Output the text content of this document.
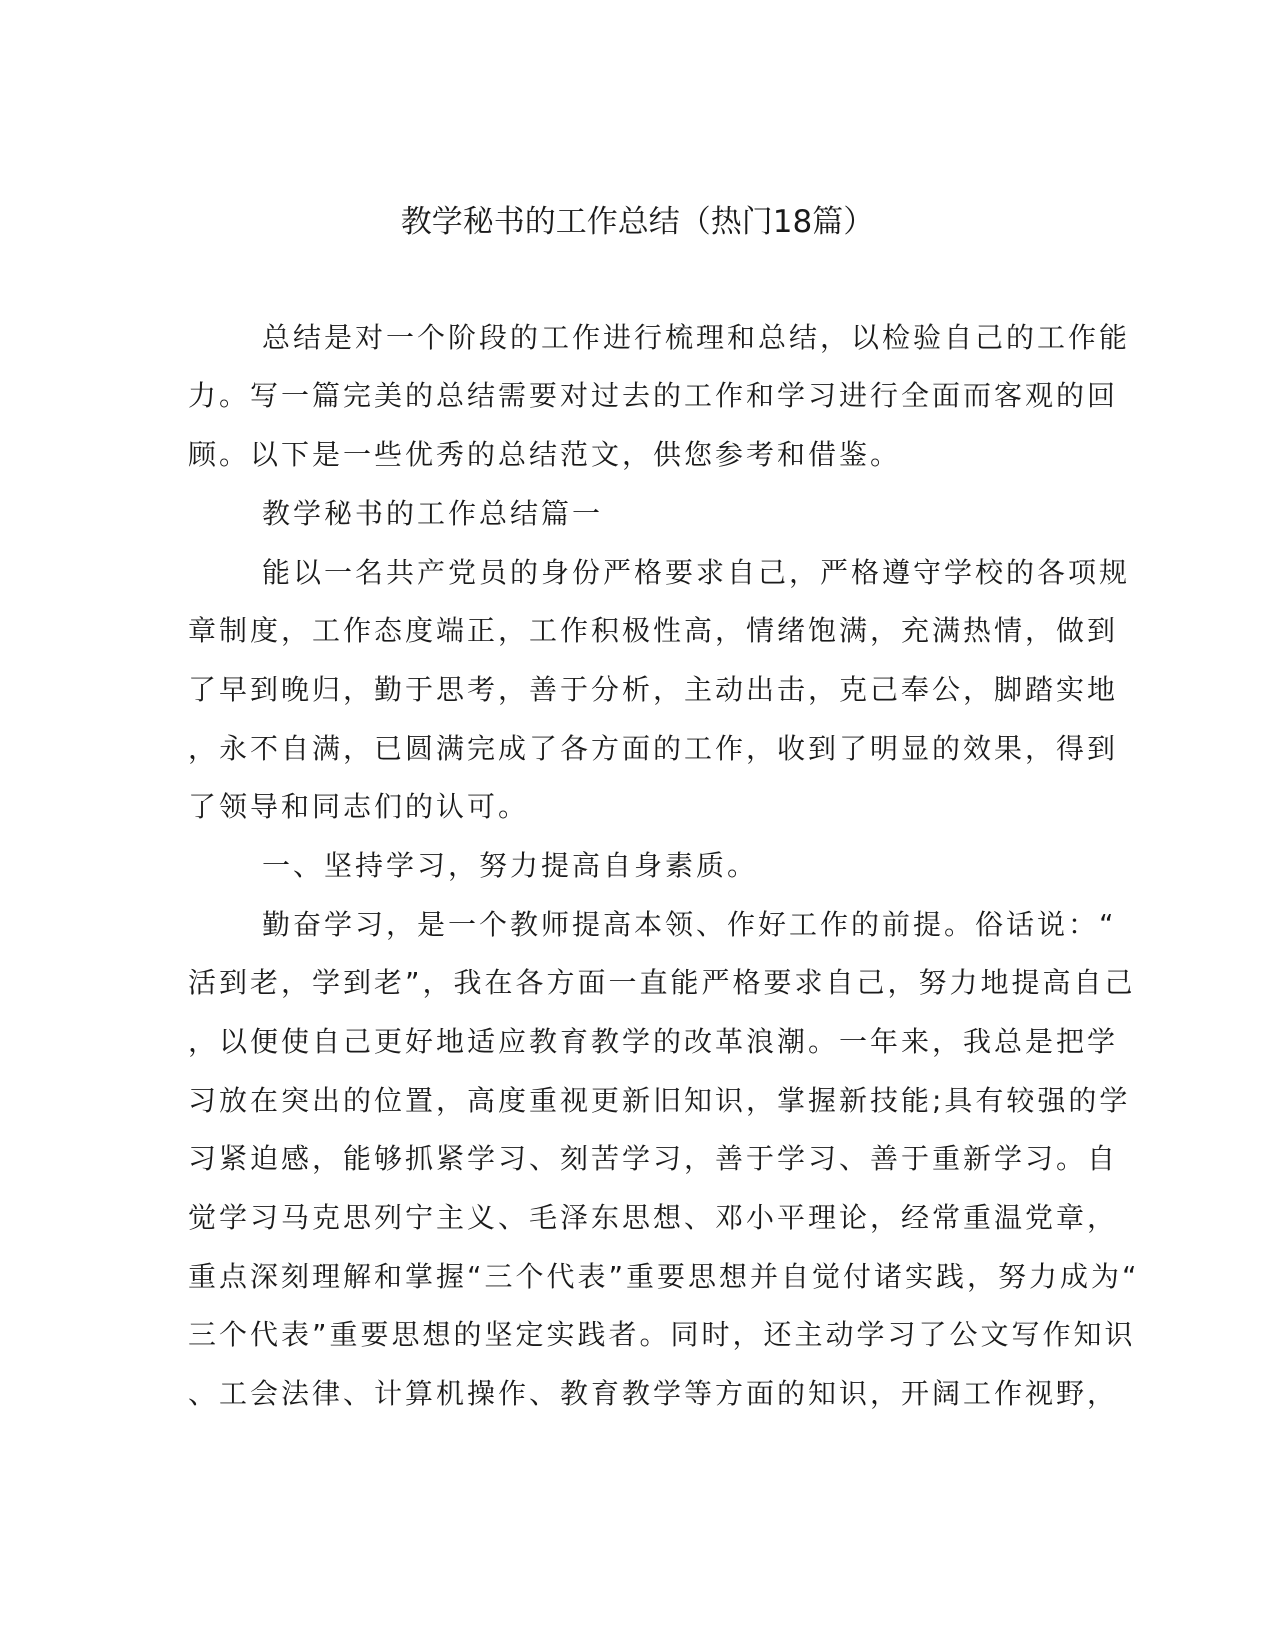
教学秘书的工作总结（热门18篇）
总结是对一个阶段的工作进行梳理和总结，以检验自己的工作能
力。写一篇完美的总结需要对过去的工作和学习进行全面而客观的回
顾。以下是一些优秀的总结范文，供您参考和借鉴。
教学秘书的工作总结篇一
能以一名共产党员的身份严格要求自己，严格遵守学校的各项规
章制度，工作态度端正，工作积极性高，情绪饱满，充满热情，做到
了早到晚归，勤于思考，善于分析，主动出击，克己奉公，脚踏实地
，永不自满，已圆满完成了各方面的工作，收到了明显的效果，得到
了领导和同志们的认可。
一、坚持学习，努力提高自身素质。
勤奋学习，是一个教师提高本领、作好工作的前提。俗话说：“
活到老，学到老”，我在各方面一直能严格要求自己，努力地提高自己
，以便使自己更好地适应教育教学的改革浪潮。一年来，我总是把学
习放在突出的位置，高度重视更新旧知识，掌握新技能;具有较强的学
习紧迫感，能够抓紧学习、刻苦学习，善于学习、善于重新学习。自
觉学习马克思列宁主义、毛泽东思想、邓小平理论，经常重温党章，
重点深刻理解和掌握“三个代表”重要思想并自觉付诸实践，努力成为“
三个代表”重要思想的坚定实践者。同时，还主动学习了公文写作知识
、工会法律、计算机操作、教育教学等方面的知识，开阔工作视野，
